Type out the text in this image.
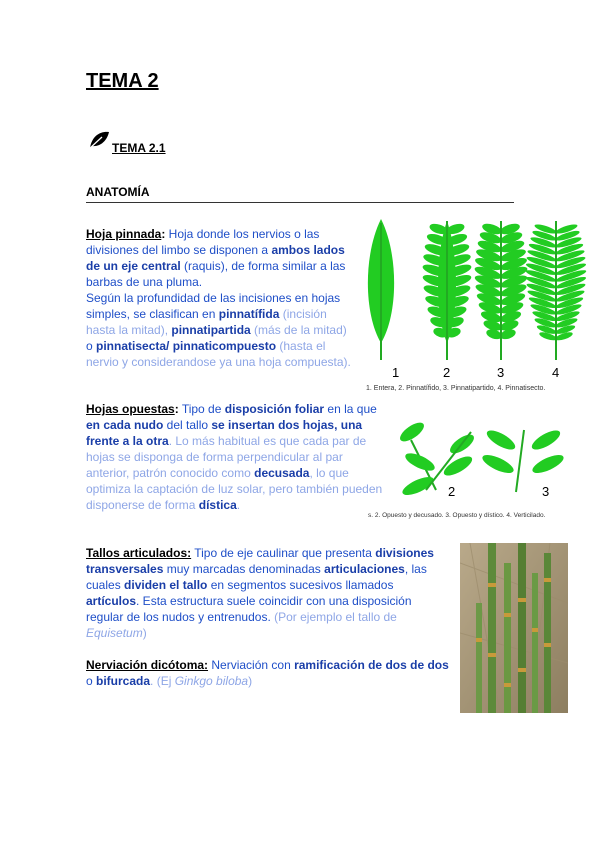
TEMA 2
TEMA 2.1
ANATOMÍA
Hoja pinnada: Hoja donde los nervios o las divisiones del limbo se disponen a ambos lados de un eje central (raquis), de forma similar a las barbas de una pluma.
Según la profundidad de las incisiones en hojas simples, se clasifican en pinnatífida (incisión hasta la mitad), pinnatipartida (más de la mitad) o pinnatisecta/ pinnaticompuesto (hasta el nervio y considerandose ya una hoja compuesta).
1	2	3	4
1. Entera, 2. Pinnatífido, 3. Pinnatipartido, 4. Pinnatisecto.
Hojas opuestas: Tipo de disposición foliar en la que en cada nudo del tallo se insertan dos hojas, una frente a la otra. Lo más habitual es que cada par de hojas se disponga de forma perpendicular al par anterior, patrón conocido como decusada, lo que optimiza la captación de luz solar, pero también pueden disponerse de forma dística.
2	3
s. 2. Opuesto y decusado. 3. Opuesto y dístico. 4. Verticilado.
Tallos articulados: Tipo de eje caulinar que presenta divisiones transversales muy marcadas denominadas articulaciones, las cuales dividen el tallo en segmentos sucesivos llamados artículos. Esta estructura suele coincidir con una disposición regular de los nudos y entrenudos. (Por ejemplo el tallo de Equisetum)
Nerviación dicótoma: Nerviación con ramificación de dos de dos o bifurcada. (Ej Ginkgo biloba)
